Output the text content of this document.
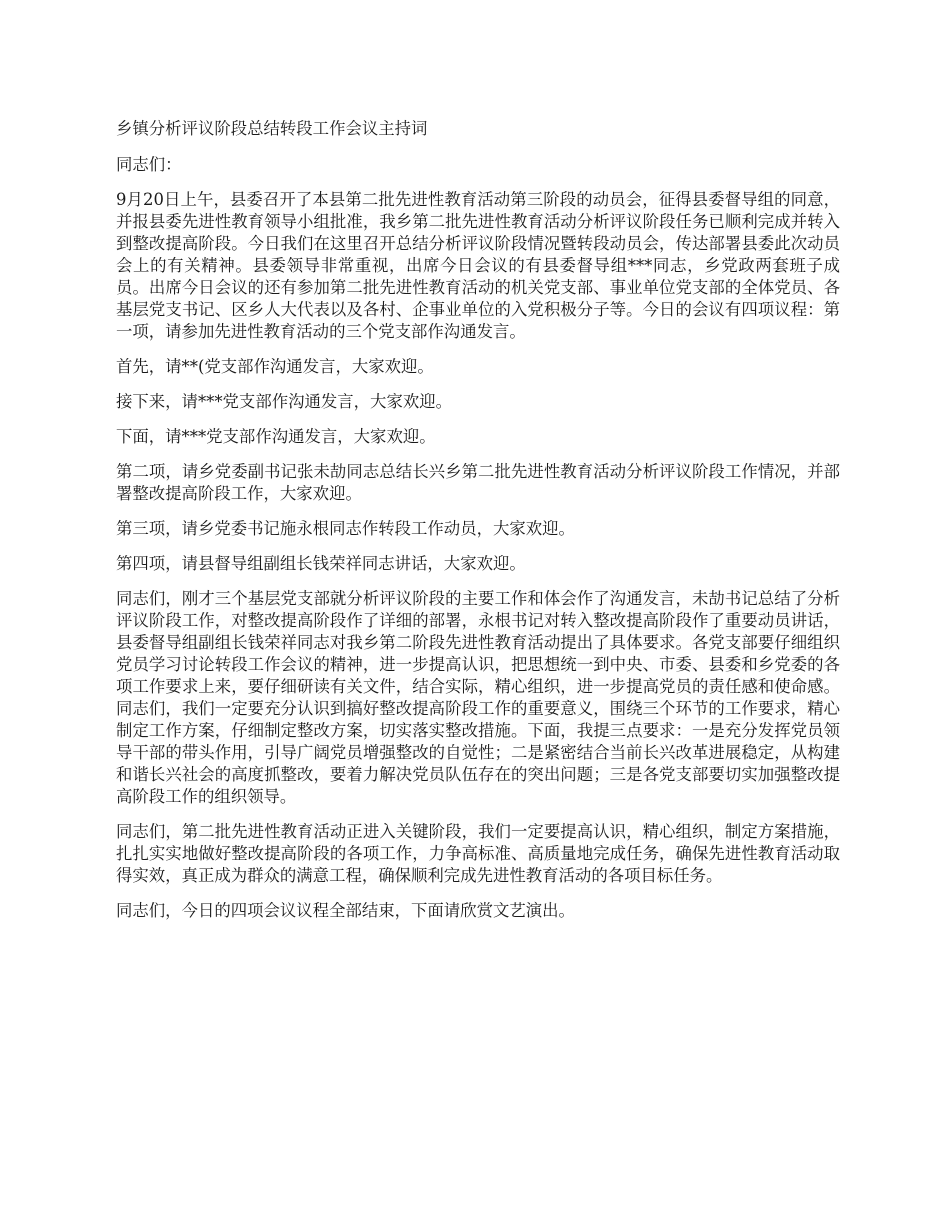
乡镇分析评议阶段总结转段工作会议主持词

同志们：

9月20日上午，县委召开了本县第二批先进性教育活动第三阶段的动员会，征得县委督导组的同意，并报县委先进性教育领导小组批准，我乡第二批先进性教育活动分析评议阶段任务已顺利完成并转入到整改提高阶段。今日我们在这里召开总结分析评议阶段情况暨转段动员会，传达部署县委此次动员会上的有关精神。县委领导非常重视，出席今日会议的有县委督导组***同志，乡党政两套班子成员。出席今日会议的还有参加第二批先进性教育活动的机关党支部、事业单位党支部的全体党员、各基层党支书记、区乡人大代表以及各村、企事业单位的入党积极分子等。今日的会议有四项议程：第一项，请参加先进性教育活动的三个党支部作沟通发言。

首先，请**(党支部作沟通发言，大家欢迎。

接下来，请***党支部作沟通发言，大家欢迎。

下面，请***党支部作沟通发言，大家欢迎。

第二项，请乡党委副书记张未劼同志总结长兴乡第二批先进性教育活动分析评议阶段工作情况，并部署整改提高阶段工作，大家欢迎。

第三项，请乡党委书记施永根同志作转段工作动员，大家欢迎。

第四项，请县督导组副组长钱荣祥同志讲话，大家欢迎。

同志们，刚才三个基层党支部就分析评议阶段的主要工作和体会作了沟通发言，未劼书记总结了分析评议阶段工作，对整改提高阶段作了详细的部署，永根书记对转入整改提高阶段作了重要动员讲话，县委督导组副组长钱荣祥同志对我乡第二阶段先进性教育活动提出了具体要求。各党支部要仔细组织党员学习讨论转段工作会议的精神，进一步提高认识，把思想统一到中央、市委、县委和乡党委的各项工作要求上来，要仔细研读有关文件，结合实际，精心组织，进一步提高党员的责任感和使命感。同志们，我们一定要充分认识到搞好整改提高阶段工作的重要意义，围绕三个环节的工作要求，精心制定工作方案，仔细制定整改方案，切实落实整改措施。下面，我提三点要求：一是充分发挥党员领导干部的带头作用，引导广阔党员增强整改的自觉性；二是紧密结合当前长兴改革进展稳定，从构建和谐长兴社会的高度抓整改，要着力解决党员队伍存在的突出问题；三是各党支部要切实加强整改提高阶段工作的组织领导。

同志们，第二批先进性教育活动正进入关键阶段，我们一定要提高认识，精心组织，制定方案措施，扎扎实实地做好整改提高阶段的各项工作，力争高标准、高质量地完成任务，确保先进性教育活动取得实效，真正成为群众的满意工程，确保顺利完成先进性教育活动的各项目标任务。

同志们，今日的四项会议议程全部结束，下面请欣赏文艺演出。
